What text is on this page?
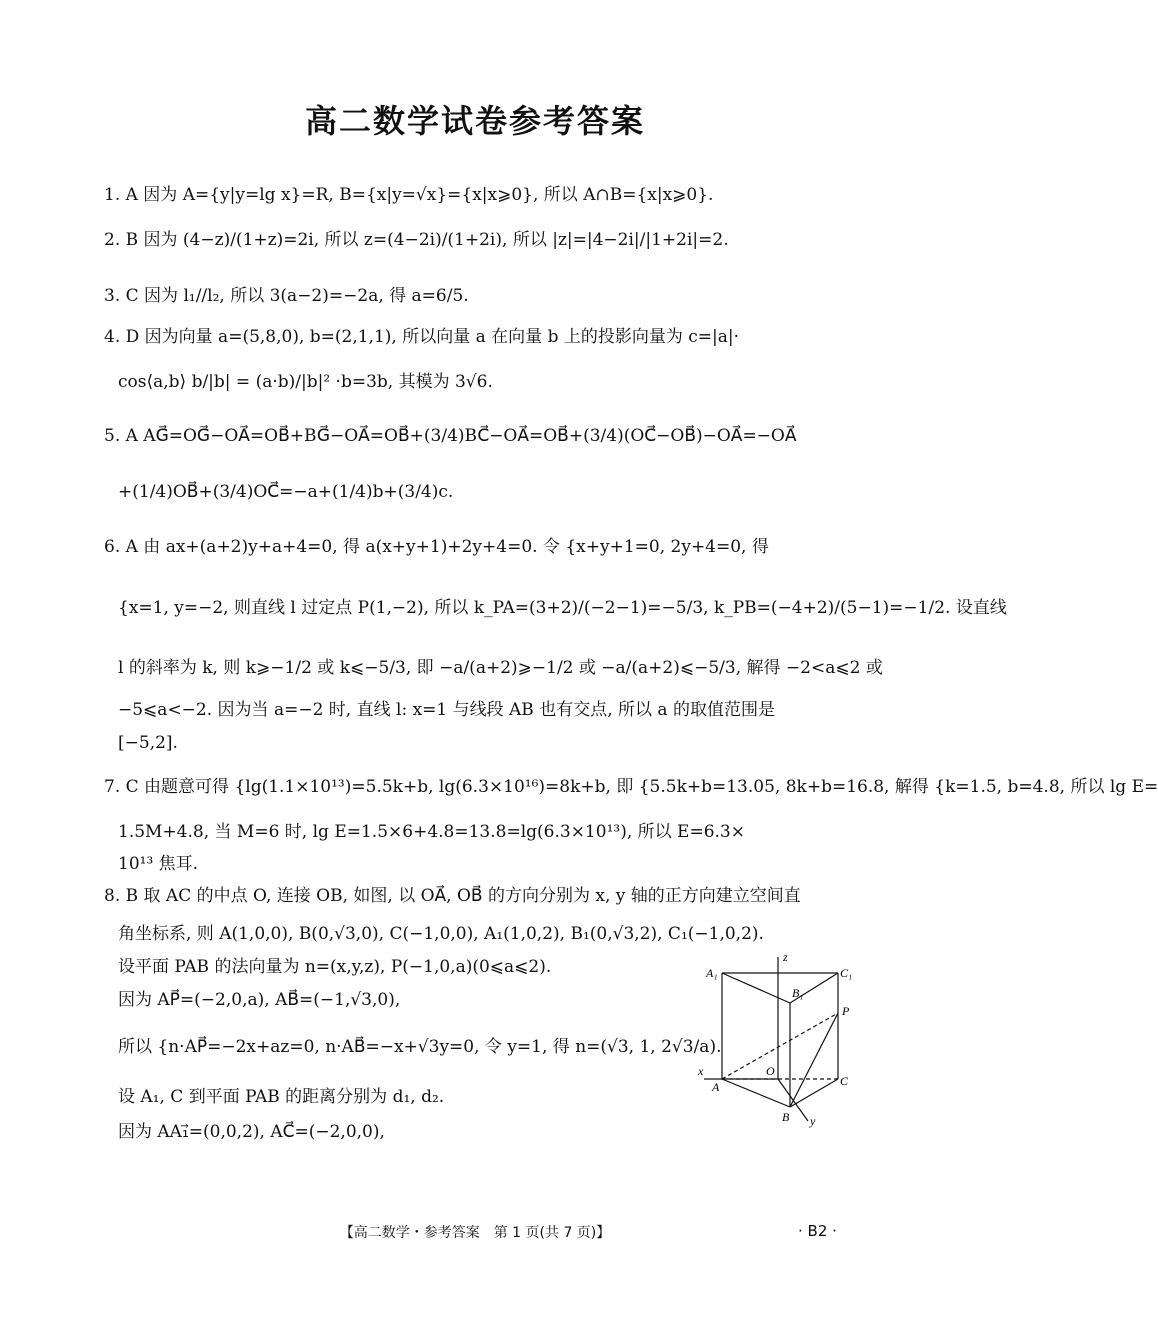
高二数学试卷参考答案
1. A 因为 A={y|y=lg x}=R, B={x|y=√x}={x|x⩾0}, 所以 A∩B={x|x⩾0}.
2. B 因为 (4−z)/(1+z)=2i, 所以 z=(4−2i)/(1+2i), 所以 |z|=|4−2i|/|1+2i|=2.
3. C 因为 l₁//l₂, 所以 3(a−2)=−2a, 得 a=6/5.
4. D 因为向量 a=(5,8,0), b=(2,1,1), 所以向量 a 在向量 b 上的投影向量为 c=|a|·
cos⟨a,b⟩ b/|b| = (a·b)/|b|² ·b=3b, 其模为 3√6.
5. A AG⃗=OG⃗−OA⃗=OB⃗+BG⃗−OA⃗=OB⃗+(3/4)BC⃗−OA⃗=OB⃗+(3/4)(OC⃗−OB⃗)−OA⃗=−OA⃗
+(1/4)OB⃗+(3/4)OC⃗=−a+(1/4)b+(3/4)c.
6. A 由 ax+(a+2)y+a+4=0, 得 a(x+y+1)+2y+4=0. 令 {x+y+1=0, 2y+4=0, 得
{x=1, y=−2, 则直线 l 过定点 P(1,−2), 所以 k_PA=(3+2)/(−2−1)=−5/3, k_PB=(−4+2)/(5−1)=−1/2. 设直线
l 的斜率为 k, 则 k⩾−1/2 或 k⩽−5/3, 即 −a/(a+2)⩾−1/2 或 −a/(a+2)⩽−5/3, 解得 −2<a⩽2 或
−5⩽a<−2. 因为当 a=−2 时, 直线 l: x=1 与线段 AB 也有交点, 所以 a 的取值范围是
[−5,2].
7. C 由题意可得 {lg(1.1×10¹³)=5.5k+b, lg(6.3×10¹⁶)=8k+b, 即 {5.5k+b=13.05, 8k+b=16.8, 解得 {k=1.5, b=4.8, 所以 lg E=
1.5M+4.8, 当 M=6 时, lg E=1.5×6+4.8=13.8=lg(6.3×10¹³), 所以 E=6.3×
10¹³ 焦耳.
8. B 取 AC 的中点 O, 连接 OB, 如图, 以 OA⃗, OB⃗ 的方向分别为 x, y 轴的正方向建立空间直
角坐标系, 则 A(1,0,0), B(0,√3,0), C(−1,0,0), A₁(1,0,2), B₁(0,√3,2), C₁(−1,0,2).
设平面 PAB 的法向量为 n=(x,y,z), P(−1,0,a)(0⩽a⩽2).
因为 AP⃗=(−2,0,a), AB⃗=(−1,√3,0),
所以 {n·AP⃗=−2x+az=0, n·AB⃗=−x+√3y=0, 令 y=1, 得 n=(√3, 1, 2√3/a).
设 A₁, C 到平面 PAB 的距离分别为 d₁, d₂.
因为 AA₁⃗=(0,0,2), AC⃗=(−2,0,0),
A₁
B₁
C₁
z
P
x	O
C
A
B y
【高二数学・参考答案　第 1 页(共 7 页)】	· B2 ·
